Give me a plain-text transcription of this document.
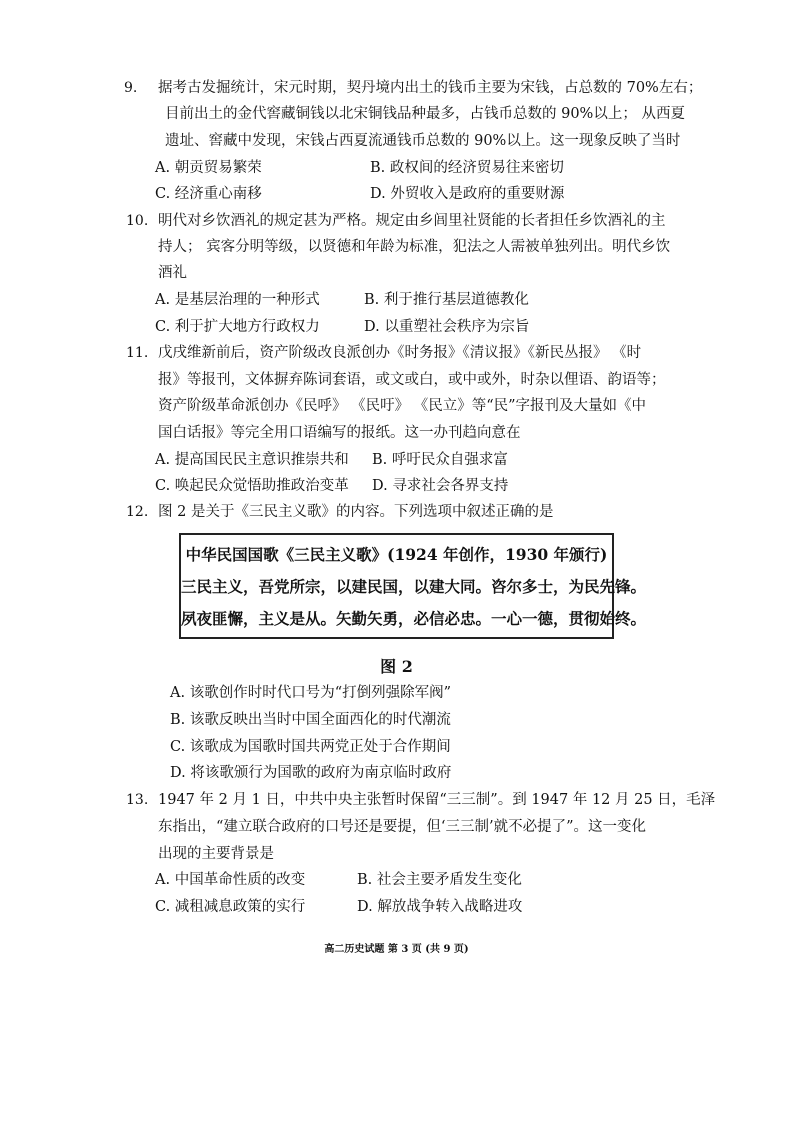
9. 据考古发掘统计，宋元时期，契丹境内出土的钱币主要为宋钱，占总数的 70%左右；
目前出土的金代窖藏铜钱以北宋铜钱品种最多，占钱币总数的 90%以上； 从西夏
遗址、窖藏中发现，宋钱占西夏流通钱币总数的 90%以上。这一现象反映了当时
A. 朝贡贸易繁荣	B. 政权间的经济贸易往来密切
C. 经济重心南移	D. 外贸收入是政府的重要财源
10. 明代对乡饮酒礼的规定甚为严格。规定由乡闾里社贤能的长者担任乡饮酒礼的主
持人； 宾客分明等级，以贤德和年龄为标准，犯法之人需被单独列出。明代乡饮
酒礼
A. 是基层治理的一种形式	B. 利于推行基层道德教化
C. 利于扩大地方行政权力	D. 以重塑社会秩序为宗旨
11. 戊戌维新前后，资产阶级改良派创办《时务报》《清议报》《新民丛报》 《时
报》等报刊，文体摒弃陈词套语，或文或白，或中或外，时杂以俚语、韵语等；
资产阶级革命派创办《民呼》 《民吁》 《民立》等“民”字报刊及大量如《中
国白话报》等完全用口语编写的报纸。这一办刊趋向意在
A. 提高国民民主意识推崇共和 B. 呼吁民众自强求富
C. 唤起民众觉悟助推政治变革 D. 寻求社会各界支持
12. 图 2 是关于《三民主义歌》的内容。下列选项中叙述正确的是
中华民国国歌《三民主义歌》(1924 年创作，1930 年颁行)
三民主义，吾党所宗，以建民国，以建大同。咨尔多士，为民先锋。
夙夜匪懈，主义是从。矢勤矢勇，必信必忠。一心一德，贯彻始终。
图 2
A. 该歌创作时时代口号为“打倒列强除军阀”
B. 该歌反映出当时中国全面西化的时代潮流
C. 该歌成为国歌时国共两党正处于合作期间
D. 将该歌颁行为国歌的政府为南京临时政府
13. 1947 年 2 月 1 日，中共中央主张暂时保留“三三制”。到 1947 年 12 月 25 日，毛泽
东指出，“建立联合政府的口号还是要提，但‘三三制’就不必提了”。这一变化
出现的主要背景是
A. 中国革命性质的改变	B. 社会主要矛盾发生变化
C. 减租减息政策的实行	D. 解放战争转入战略进攻
高二历史试题 第 3 页 (共 9 页)
